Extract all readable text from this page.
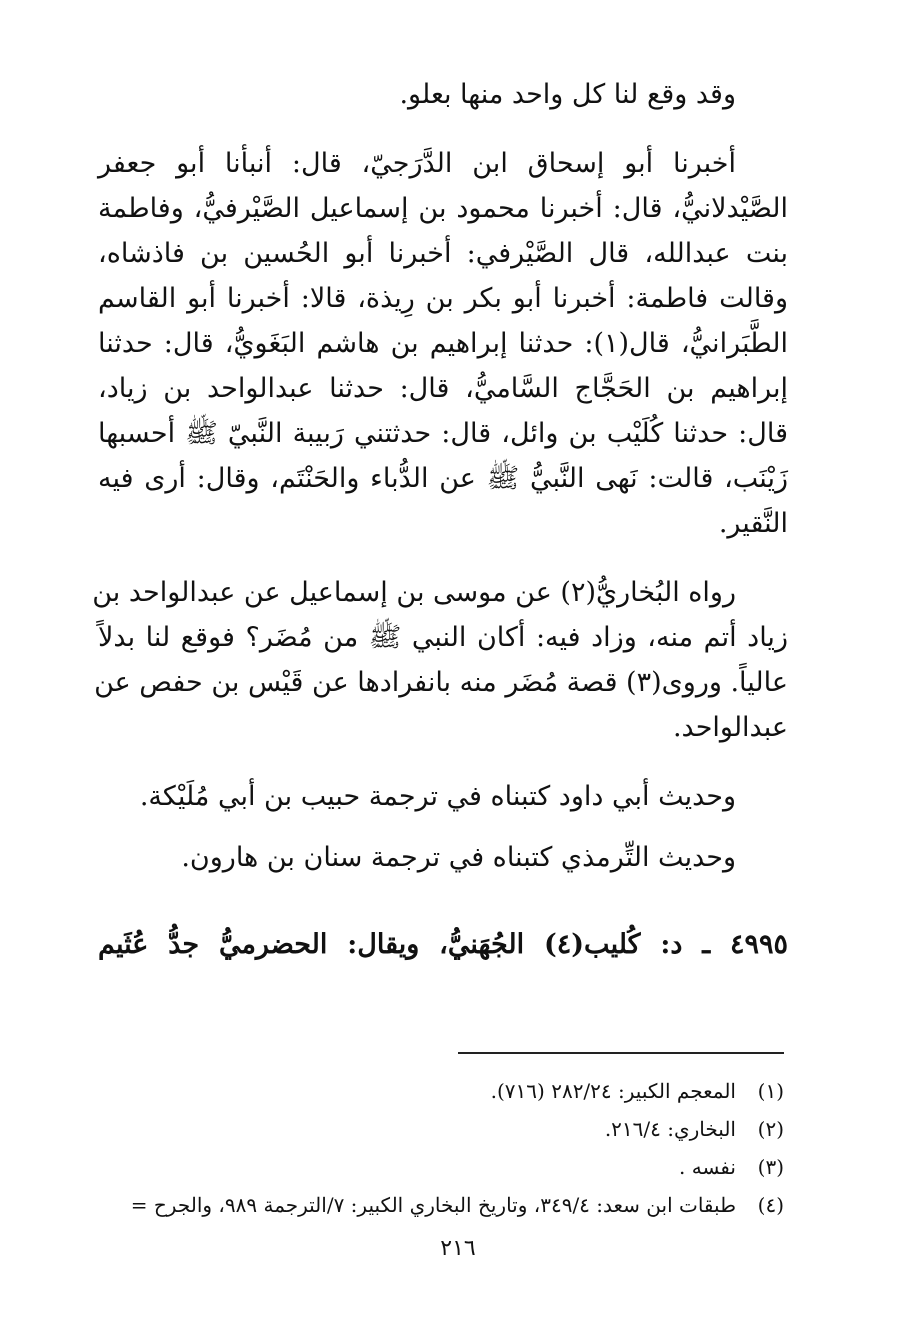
وقد وقع لنا كل واحد منها بعلو.
أخبرنا أبو إسحاق ابن الدَّرَجيّ، قال: أنبأنا أبو جعفر
الصَّيْدلانيُّ، قال: أخبرنا محمود بن إسماعيل الصَّيْرفيُّ، وفاطمة
بنت عبدالله، قال الصَّيْرفي: أخبرنا أبو الحُسين بن فاذشاه،
وقالت فاطمة: أخبرنا أبو بكر بن رِيذة، قالا: أخبرنا أبو القاسم
الطَّبَرانيُّ، قال(١): حدثنا إبراهيم بن هاشم البَغَويُّ، قال: حدثنا
إبراهيم بن الحَجَّاج السَّاميُّ، قال: حدثنا عبدالواحد بن زياد،
قال: حدثنا كُلَيْب بن وائل، قال: حدثتني رَبيبة النَّبيّ ﷺ أحسبها
زَيْنَب، قالت: نَهى النَّبيُّ ﷺ عن الدُّباء والحَنْتَم، وقال: أرى فيه
النَّقير.
رواه البُخاريُّ(٢) عن موسى بن إسماعيل عن عبدالواحد بن
زياد أتم منه، وزاد فيه: أكان النبي ﷺ من مُضَر؟ فوقع لنا بدلاً
عالياً. وروى(٣) قصة مُضَر منه بانفرادها عن قَيْس بن حفص عن
عبدالواحد.
وحديث أبي داود كتبناه في ترجمة حبيب بن أبي مُلَيْكة.
وحديث التِّرمذي كتبناه في ترجمة سنان بن هارون.
٤٩٩٥ ـ د: كُليب(٤) الجُهَنيُّ، ويقال: الحضرميُّ جدُّ عُثَيم
(١)المعجم الكبير: ٢٨٢/٢٤ (٧١٦).
(٢)البخاري: ٢١٦/٤.
(٣)نفسه .
(٤)طبقات ابن سعد: ٣٤٩/٤، وتاريخ البخاري الكبير: ٧/الترجمة ٩٨٩، والجرح =
٢١٦
